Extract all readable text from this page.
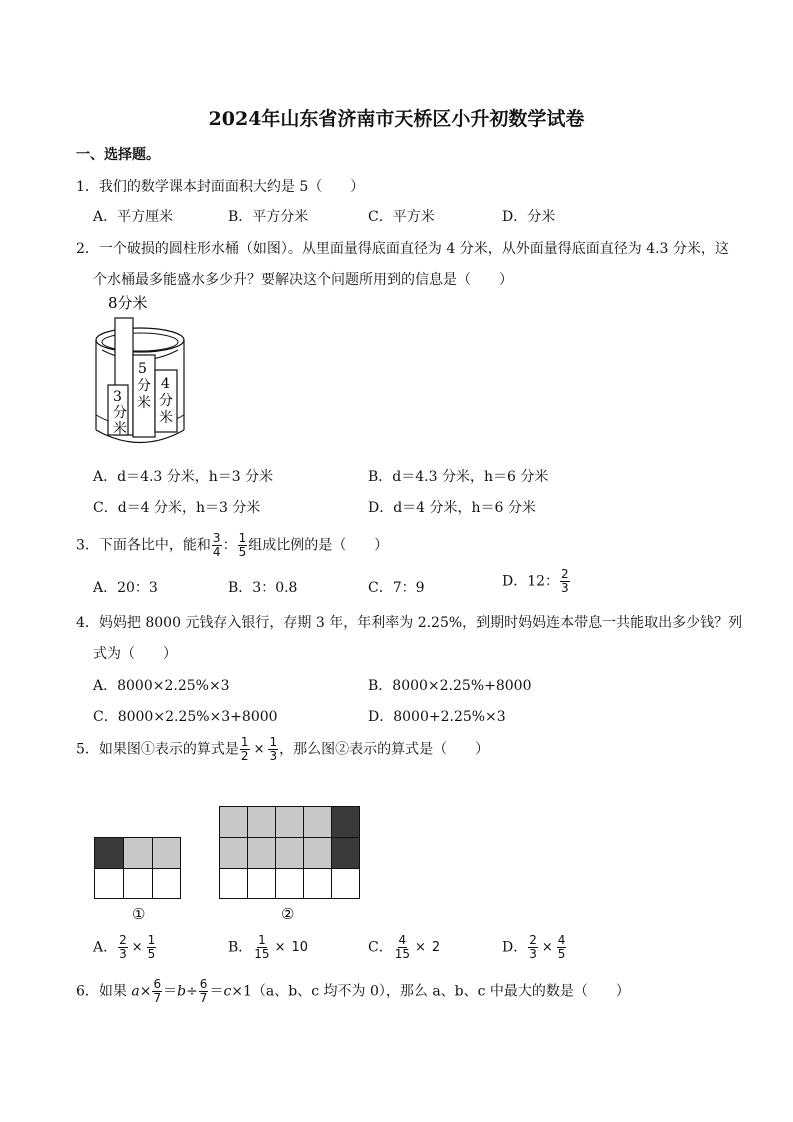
2024年山东省济南市天桥区小升初数学试卷
一、选择题。
1．我们的数学课本封面面积大约是 5（　　）
A．平方厘米	B．平方分米	C．平方米	D．分米
2．一个破损的圆柱形水桶（如图）。从里面量得底面直径为 4 分米，从外面量得底面直径为 4.3 分米，这
个水桶最多能盛水多少升？要解决这个问题所用到的信息是（　　）
8分米
3
分
米
5
分
米
4
分
米
A．d＝4.3 分米，h＝3 分米	B．d＝4.3 分米，h＝6 分米
C．d＝4 分米，h＝3 分米	D．d＝4 分米，h＝6 分米
3．下面各比中，能和 $\frac{3}{4}$ ： $\frac{1}{5}$ 组成比例的是（　　）
A．20：3	B．3：0.8	C．7：9	D．12： $\frac{2}{3}$
4．妈妈把 8000 元钱存入银行，存期 3 年，年利率为 2.25%，到期时妈妈连本带息一共能取出多少钱？列
式为（　　）
A．8000×2.25%×3	B．8000×2.25%+8000
C．8000×2.25%×3+8000	D．8000+2.25%×3
5．如果图①表示的算式是 $\frac{1}{2} \times \frac{1}{3}$ ，那么图②表示的算式是（　　）
①	②
A． $\frac{2}{3} \times \frac{1}{5}$	B． $\frac{1}{15} \times 10$	C． $\frac{4}{15} \times 2$	D． $\frac{2}{3} \times \frac{4}{5}$
6．如果 $a\times \frac{6}{7} =b\div \frac{6}{7} =c\times 1(a$、b、c 均不为 0），那么 a、b、c 中最大的数是（　　）
